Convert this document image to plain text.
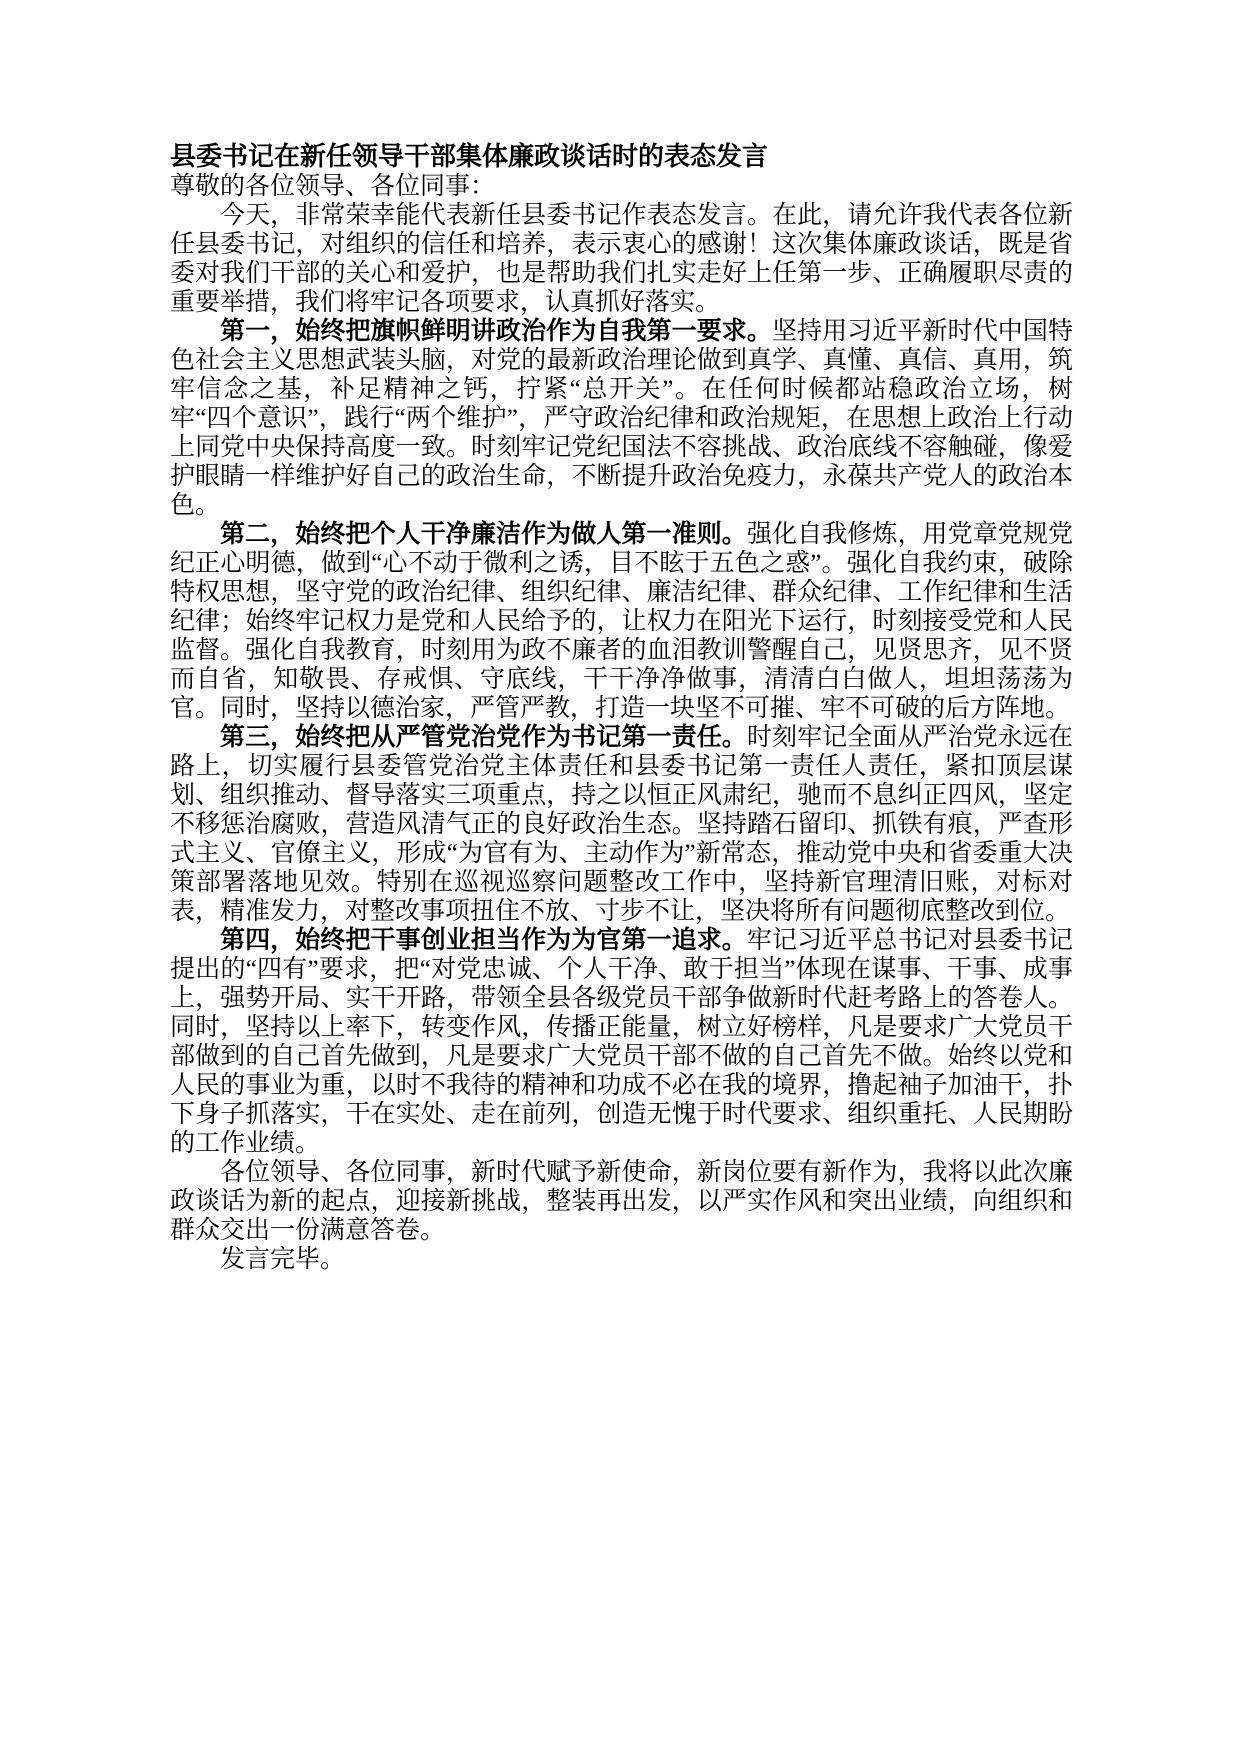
县委书记在新任领导干部集体廉政谈话时的表态发言
尊敬的各位领导、各位同事：
今天，非常荣幸能代表新任县委书记作表态发言。在此，请允许我代表各位新任县委书记，对组织的信任和培养，表示衷心的感谢！这次集体廉政谈话，既是省委对我们干部的关心和爱护，也是帮助我们扎实走好上任第一步、正确履职尽责的重要举措，我们将牢记各项要求，认真抓好落实。
第一，始终把旗帜鲜明讲政治作为自我第一要求。坚持用习近平新时代中国特色社会主义思想武装头脑，对党的最新政治理论做到真学、真懂、真信、真用，筑牢信念之基，补足精神之钙，拧紧“总开关”。在任何时候都站稳政治立场，树牢“四个意识”，践行“两个维护”，严守政治纪律和政治规矩，在思想上政治上行动上同党中央保持高度一致。时刻牢记党纪国法不容挑战、政治底线不容触碰，像爱护眼睛一样维护好自己的政治生命，不断提升政治免疫力，永葆共产党人的政治本色。
第二，始终把个人干净廉洁作为做人第一准则。强化自我修炼，用党章党规党纪正心明德，做到“心不动于微利之诱，目不眩于五色之惑”。强化自我约束，破除特权思想，坚守党的政治纪律、组织纪律、廉洁纪律、群众纪律、工作纪律和生活纪律；始终牢记权力是党和人民给予的，让权力在阳光下运行，时刻接受党和人民监督。强化自我教育，时刻用为政不廉者的血泪教训警醒自己，见贤思齐，见不贤而自省，知敬畏、存戒惧、守底线，干干净净做事，清清白白做人，坦坦荡荡为官。同时，坚持以德治家，严管严教，打造一块坚不可摧、牢不可破的后方阵地。
第三，始终把从严管党治党作为书记第一责任。时刻牢记全面从严治党永远在路上，切实履行县委管党治党主体责任和县委书记第一责任人责任，紧扣顶层谋划、组织推动、督导落实三项重点，持之以恒正风肃纪，驰而不息纠正四风，坚定不移惩治腐败，营造风清气正的良好政治生态。坚持踏石留印、抓铁有痕，严查形式主义、官僚主义，形成“为官有为、主动作为”新常态，推动党中央和省委重大决策部署落地见效。特别在巡视巡察问题整改工作中，坚持新官理清旧账，对标对表，精准发力，对整改事项扭住不放、寸步不让，坚决将所有问题彻底整改到位。
第四，始终把干事创业担当作为为官第一追求。牢记习近平总书记对县委书记提出的“四有”要求，把“对党忠诚、个人干净、敢于担当”体现在谋事、干事、成事上，强势开局、实干开路，带领全县各级党员干部争做新时代赶考路上的答卷人。同时，坚持以上率下，转变作风，传播正能量，树立好榜样，凡是要求广大党员干部做到的自己首先做到，凡是要求广大党员干部不做的自己首先不做。始终以党和人民的事业为重，以时不我待的精神和功成不必在我的境界，撸起袖子加油干，扑下身子抓落实，干在实处、走在前列，创造无愧于时代要求、组织重托、人民期盼的工作业绩。
各位领导、各位同事，新时代赋予新使命，新岗位要有新作为，我将以此次廉政谈话为新的起点，迎接新挑战，整装再出发，以严实作风和突出业绩，向组织和群众交出一份满意答卷。
发言完毕。
